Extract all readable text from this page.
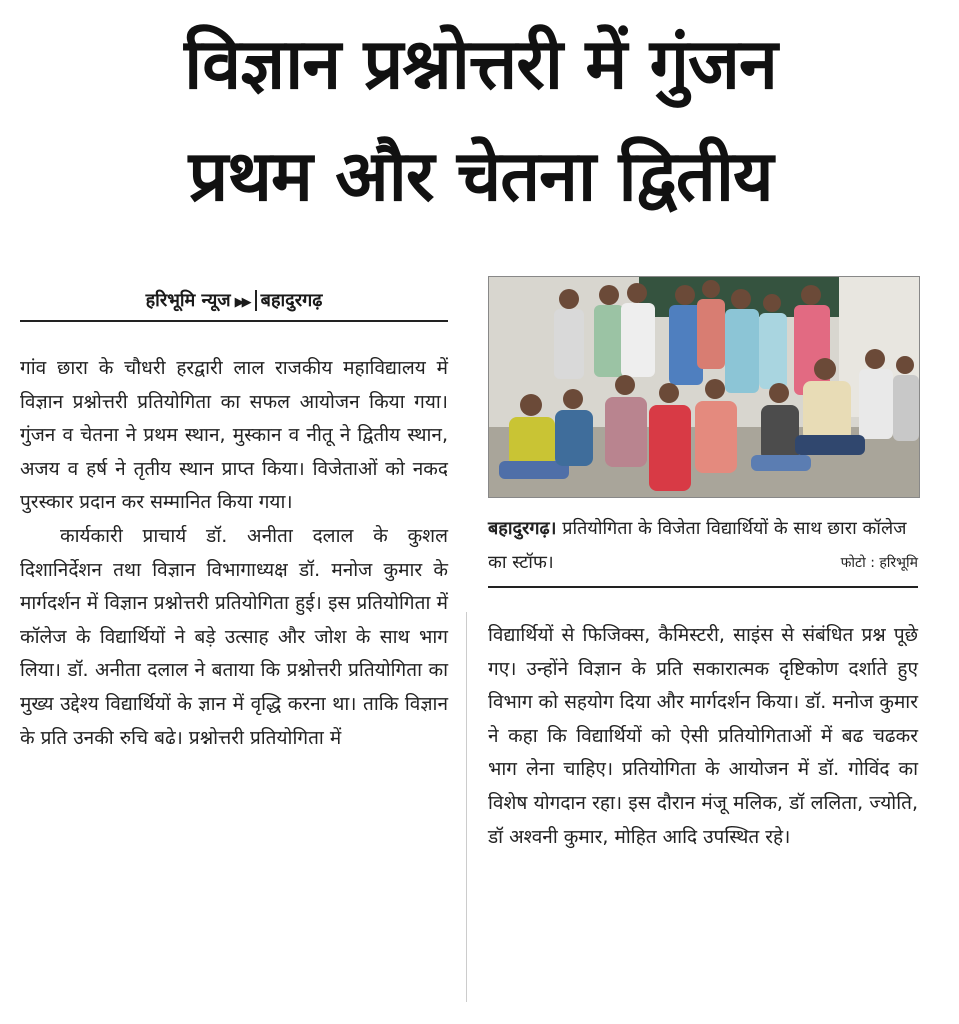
विज्ञान प्रश्नोत्तरी में गुंजन
प्रथम और चेतना द्वितीय
हरिभूमि न्यूज ▶▶ बहादुरगढ़

गांव छारा के चौधरी हरद्वारी लाल राजकीय महाविद्यालय में विज्ञान प्रश्नोत्तरी प्रतियोगिता का सफल आयोजन किया गया। गुंजन व चेतना ने प्रथम स्थान, मुस्कान व नीतू ने द्वितीय स्थान, अजय व हर्ष ने तृतीय स्थान प्राप्त किया। विजेताओं को नकद पुरस्कार प्रदान कर सम्मानित किया गया।

कार्यकारी प्राचार्य डॉ. अनीता दलाल के कुशल दिशानिर्देशन तथा विज्ञान विभागाध्यक्ष डॉ. मनोज कुमार के मार्गदर्शन में विज्ञान प्रश्नोत्तरी प्रतियोगिता हुई। इस प्रतियोगिता में कॉलेज के विद्यार्थियों ने बड़े उत्साह और जोश के साथ भाग लिया। डॉ. अनीता दलाल ने बताया कि प्रश्नोत्तरी प्रतियोगिता का मुख्य उद्देश्य विद्यार्थियों के ज्ञान में वृद्धि करना था। ताकि विज्ञान के प्रति उनकी रुचि बढे। प्रश्नोत्तरी प्रतियोगिता में

बहादुरगढ़। प्रतियोगिता के विजेता विद्यार्थियों के साथ छारा कॉलेज का स्टॉफ।	फोटो : हरिभूमि

विद्यार्थियों से फिजिक्स, कैमिस्टरी, साइंस से संबंधित प्रश्न पूछे गए। उन्होंने विज्ञान के प्रति सकारात्मक दृष्टिकोण दर्शाते हुए विभाग को सहयोग दिया और मार्गदर्शन किया। डॉ. मनोज कुमार ने कहा कि विद्यार्थियों को ऐसी प्रतियोगिताओं में बढ चढकर भाग लेना चाहिए। प्रतियोगिता के आयोजन में डॉ. गोविंद का विशेष योगदान रहा। इस दौरान मंजू मलिक, डॉ ललिता, ज्योति, डॉ अश्वनी कुमार, मोहित आदि उपस्थित रहे।
